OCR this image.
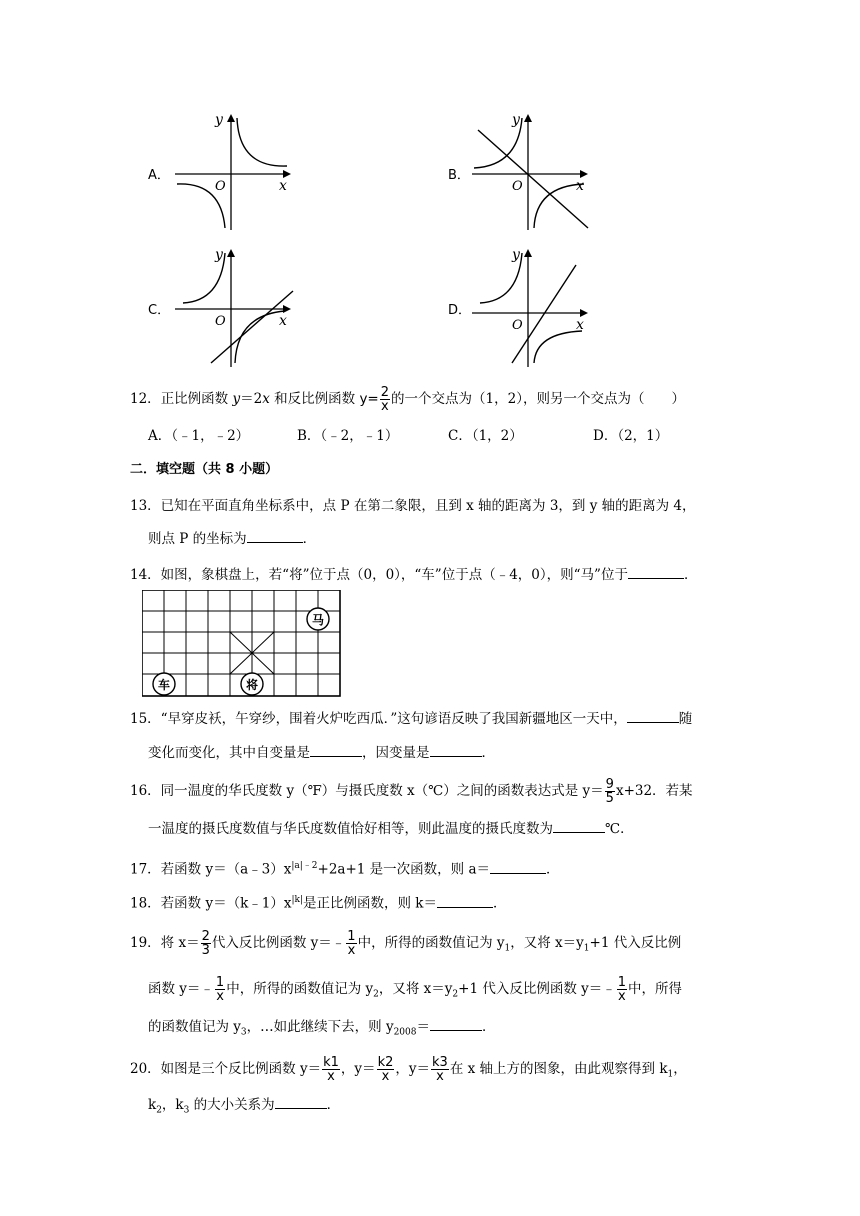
A．
y
O	x
B．
y
O	x
C．
y
O	x
D．
y
O	x
12．正比例函数 y＝2x 和反比例函数 $y= \frac{2}{x}$ 的一个交点为（1，2），则另一个交点为（　　）
A．（﹣1，﹣2）	B．（﹣2，﹣1）	C．（1，2）	D．（2，1）
二．填空题（共 8 小题）
13．已知在平面直角坐标系中，点 P 在第二象限，且到 x 轴的距离为 3，到 y 轴的距离为 4，
则点 P 的坐标为	．
14．如图，象棋盘上，若“将”位于点（0，0），“车”位于点（﹣4，0），则“马”位于	．
马
车	将
15．“早穿皮袄，午穿纱，围着火炉吃西瓜．”这句谚语反映了我国新疆地区一天中，	随
变化而变化，其中自变量是	，因变量是	．
16．同一温度的华氏度数 y（℉）与摄氏度数 x（℃）之间的函数表达式是 $y= \frac{9}{5} x+32$．若某
一温度的摄氏度数值与华氏度数值恰好相等，则此温度的摄氏度数为	℃．
17．若函数 $y=(a﹣3)x^{|a|﹣2}+2a+1$ 是一次函数，则 a＝	．
18．若函数 $y=(k﹣1)x^{|k|}$是正比例函数，则 k＝	．
19．将 $x= \frac{2}{3}$ 代入反比例函数 y＝﹣ $\frac{1}{x}$ 中，所得的函数值记为 $y_1$，又将 $x=y_1+1$ 代入反比例
函数 y＝﹣ $\frac{1}{x}$ 中，所得的函数值记为 $y_2$，又将 $x=y_2+1$ 代入反比例函数 y＝﹣ $\frac{1}{x}$ 中，所得
的函数值记为 $y_3$，…如此继续下去，则 $y_{2008}=$	．
20．如图是三个反比例函数 $y= \frac{k1}{x}$ ，$y= \frac{k2}{x}$ ，$y= \frac{k3}{x}$ 在 x 轴上方的图象，由此观察得到 $k_1$，
$k_2$，$k_3$ 的大小关系为	．
